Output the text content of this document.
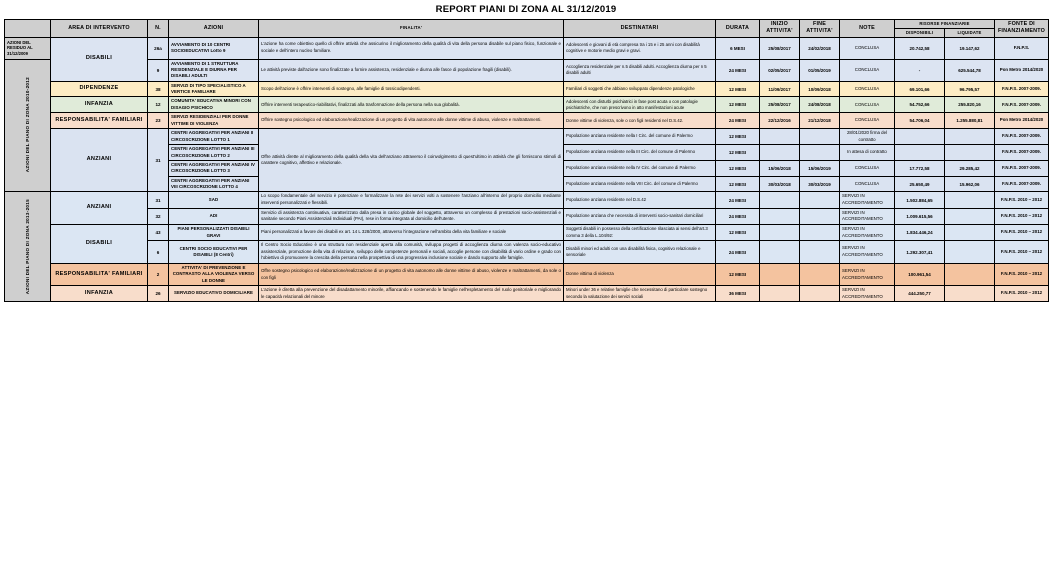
REPORT PIANI DI ZONA AL 31/12/2019
	AREA DI INTERVENTO	N.	AZIONI	FINALITA'	DESTINATARI	DURATA	INIZIO ATTIVITA'	FINE ATTIVITA'	NOTE	RISORSE FINANZIARIE		FONTE DI FINANZIAMENTO
										DISPONIBILI	LIQUIDATE	
AZIONI DEL RESIDUO AL 31/12/2009	DISABILI	26a	AVVIAMENTO DI 10 CENTRI SOCIOEDUCATIVI Lotto 9	L'azione ha come obiettivo quello di offrire attività che assicurino il miglioramento della qualità di vita della persona disabile sul piano fisico, funzionale e sociale e dell'intero nucleo familiare.	Adolescenti e giovani di età compresa tra i 15 e i 25 anni con disabilità cognitive e motorie medio gravi e gravi.	6 MESI	25/08/2017	24/02/2018	CONCLUSA	20.742,58	19.147,62	F.N.P.S.
AZIONI DEL PIANO DI ZONA 2010-2012		9	AVVIAMENTO DI 1 STRUTTURA RESIDENZIALE E DIURNA PER DISABILI ADULTI	Le attività previste dall'azione sono finalizzate a fornire assistenza, residenziale e diurna alle fasce di popolazione fragili (disabili).	Accoglienza residenziale per n.5 disabili adulti. Accoglienza diurna per n 5 disabili adulti	24 MESI	02/05/2017	01/05/2019	CONCLUSA	-	625.544,78	Pon Metro 2014/2020
	DIPENDENZE	38	SERVIZI DI TIPO SPECIALISTICO A VERTICE FAMILIARE	Scopo dell'azione è offrire interventi di sostegno, alle famiglie di tossicodipendenti.	Familiari di soggetti che abbiano sviluppato dipendenze patologiche	12 MESI	11/09/2017	10/09/2018	CONCLUSA	69.101,66	96.795,57	F.N.P.S. 2007-2009.
	INFANZIA	12	COMUNITA' EDUCATIVA MINORI CON DISAGIO PSICHICO	Offrire interventi terapeutico-riabilitativi, finalizzati alla trasformazione della persona nella sua globalità.	Adolescenti con disturbi psichiatrici in fase post acuta o con patologie psichiatriche, che non prescrivono in atto manifestazioni acute	12 MESI	25/08/2017	24/08/2018	CONCLUSA	54.752,66	255.820,16	F.N.P.S. 2007-2009.
	RESPONSABILITA' FAMILIARI	23	SERVIZI RESIDENZIALI PER DONNE VITTIME DI VIOLENZA	Offrire sostegno psicologico ed elaborazione/realizzazione di un progetto di vita autonomo alle donne vittime di abuso, violenze e maltrattamenti.	Donne vittime di violenza, sole o con figli residenti nel D.S.42.	24 MESI	22/12/2016	21/12/2018	CONCLUSA	54.706,04	1.255.880,81	Pon Metro 2014/2020
	ANZIANI	31	CENTRI AGGREGATIVI PER ANZIANI II CIRCOSCRIZIONE LOTTO 1	Offre attività dirette al miglioramento della qualità della vita dell'anziano attraverso il coinvolgimento di quest'ultimo in attività che gli forniscono stimoli di carattere cognitivo, affettivo e relazionale.	Popolazione anziana residente nella I Circ. del comune di Palermo	12 MESI			28/01/2020 firma del contratto			F.N.P.S. 2007-2009.
			CENTRI AGGREGATIVI PER ANZIANI III CIRCOSCRIZIONE LOTTO 2		Popolazione anziana residente nella III Circ. del comune di Palermo	12 MESI			In attesa di contratto			F.N.P.S. 2007-2009.
			CENTRI AGGREGATIVI PER ANZIANI IV CIRCOSCRIZIONE LOTTO 3		Popolazione anziana residente nella IV Circ. del comune di Palermo	12 MESI	15/06/2018	15/06/2019	CONCLUSA	17.772,58	29.285,42	F.N.P.S. 2007-2009.
			CENTRI AGGREGATIVI PER ANZIANI VIII CIRCOSCRIZIONE LOTTO 4		Popolazione anziana residente nella VIII Circ. del comune di Palermo	12 MESI	30/03/2018	30/03/2019	CONCLUSA	25.650,49	15.962,06	F.N.P.S. 2007-2009.
AZIONI DEL PIANO DI ZONA 2013-2015	ANZIANI	31	SAD	Lo scopo fondamentale del servizio è potenziare e formalizzare la rete dei servizi volti a sostenere l'anziano all'interno del proprio domicilio mediante interventi personalizzati e flessibili.	Popolazione anziana residente nel D.S.42	24 MESI			SERVIZI IN ACCREDITAMENTO	1.502.884,65		F.N.P.S. 2010 – 2012
		32	ADI	Servizio di assistenza continuativa, caratterizzato dalla presa in carico globale del soggetto, attraverso un complesso di prestazioni socio-assistenziali e sanitarie secondo Piani Assistenziali Individuali (PAI), rese in forma integrata al domicilio dell'utente.	Popolazione anziana che necessita di interventi socio-sanitari domiciliari	24 MESI			SERVIZI IN ACCREDITAMENTO	1.009.615,56		F.N.P.S. 2010 – 2012
	DISABILI	43	PIANI PERSONALIZZATI DISABILI GRAVI	Piani personalizzati a favore dei disabili ex art. 14 L 328/2000, attraverso l'integrazione nell'ambito della vita familiare e sociale	Soggetti disabili in possesso della certificazione rilasciata ai sensi dell'art.3 comma 3 della L.104/92:	12 MESI			SERVIZI IN ACCREDITAMENTO	1.834.446,24		F.N.P.S. 2010 – 2012
		6	CENTRI SOCIO EDUCATIVI PER DISABILI (8 Centri)	Il Centro Socio Educativo è una struttura non residenziale aperta alla comunità, sviluppa progetti di accoglienza diurna con valenza socio-educativo assistenziale, promozione della vita di relazione, sviluppo delle competenze personali e sociali, accoglie persone con disabilità di vario ordine e grado con l'obiettivo di promuovere la crescita della persona nella prospettiva di una progressiva inclusione sociale e dando supporto alle famiglie.	Disabili minori ed adulti con una disabilità fisica, cognitivo relazionale e sensoriale	24 MESI			SERVIZI IN ACCREDITAMENTO	1.292.307,41		F.N.P.S. 2010 – 2012
	RESPONSABILITA' FAMILIARI	2	ATTIVITA' DI PREVENZIONE E CONTRASTO ALLA VIOLENZA VERSO LE DONNE	Offre sostegno psicologico ed elaborazione/realizzazione di un progetto di vita autonomo alle donne vittime di abuso, violenze e maltrattamenti, da sole o con figli	Donne vittima di violenza	12 MESI			SERVIZI IN ACCREDITAMENTO	100.961,54		F.N.P.S. 2010 – 2012
	INFANZIA	26	SERVIZIO EDUCATIVO DOMICILIARE	L'azione è diretta alla prevenzione del disadattamento minorile, affiancando e sostenendo le famiglie nell'espletamento del ruolo genitoriale e migliorando le capacità relazionali del minore	Minori under 36 e relative famiglie che necessitano di particolare sostegno secondo la valutazione dei servizi sociali	36 MESI			SERVIZI IN ACCREDITAMENTO	444.250,77		F.N.P.S. 2010 – 2012
